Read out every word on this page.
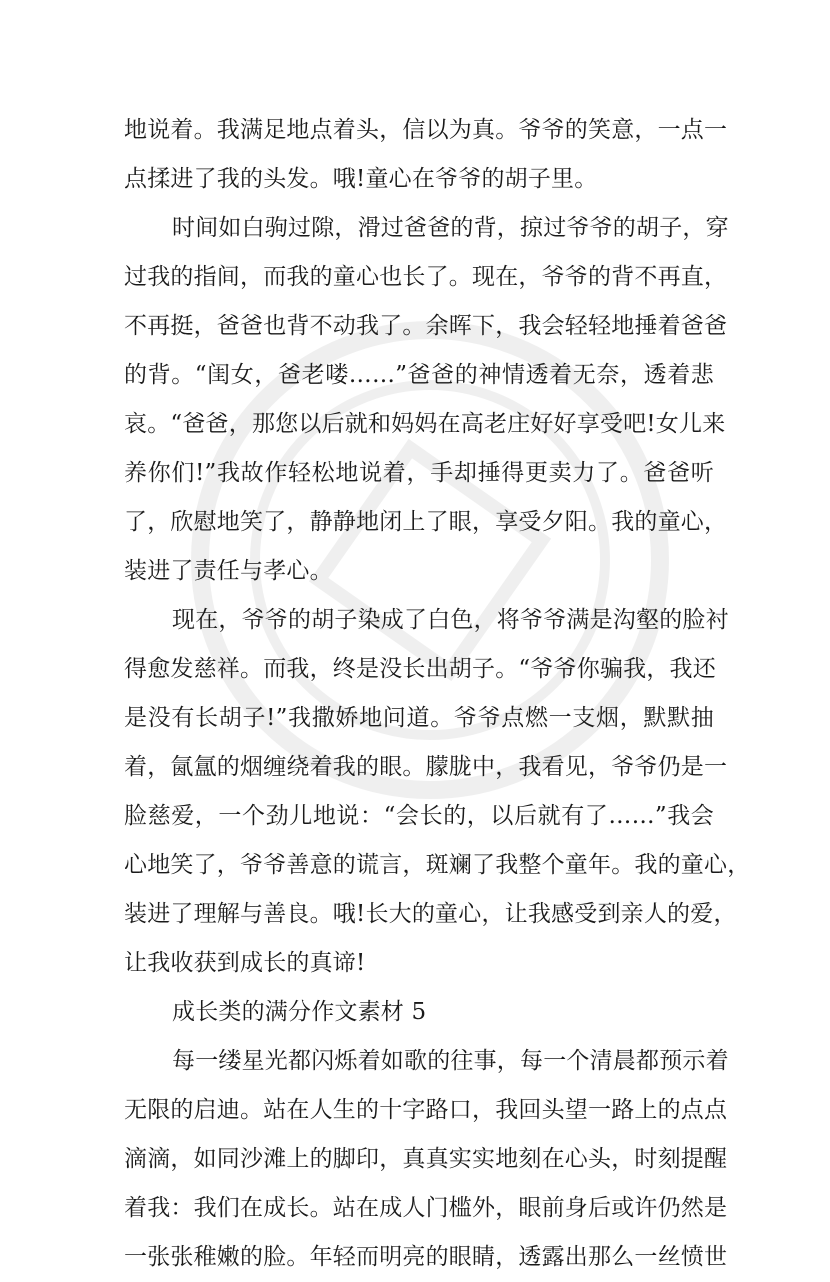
地说着。我满足地点着头，信以为真。爷爷的笑意，一点一
点揉进了我的头发。哦!童心在爷爷的胡子里。
时间如白驹过隙，滑过爸爸的背，掠过爷爷的胡子，穿
过我的指间，而我的童心也长了。现在，爷爷的背不再直，
不再挺，爸爸也背不动我了。余晖下，我会轻轻地捶着爸爸
的背。“闺女，爸老喽……”爸爸的神情透着无奈，透着悲
哀。“爸爸，那您以后就和妈妈在高老庄好好享受吧!女儿来
养你们!”我故作轻松地说着，手却捶得更卖力了。爸爸听
了，欣慰地笑了，静静地闭上了眼，享受夕阳。我的童心，
装进了责任与孝心。
现在，爷爷的胡子染成了白色，将爷爷满是沟壑的脸衬
得愈发慈祥。而我，终是没长出胡子。“爷爷你骗我，我还
是没有长胡子!”我撒娇地问道。爷爷点燃一支烟，默默抽
着，氤氲的烟缠绕着我的眼。朦胧中，我看见，爷爷仍是一
脸慈爱，一个劲儿地说：“会长的，以后就有了……”我会
心地笑了，爷爷善意的谎言，斑斓了我整个童年。我的童心，
装进了理解与善良。哦!长大的童心，让我感受到亲人的爱，
让我收获到成长的真谛!
成长类的满分作文素材 5
每一缕星光都闪烁着如歌的往事，每一个清晨都预示着
无限的启迪。站在人生的十字路口，我回头望一路上的点点
滴滴，如同沙滩上的脚印，真真实实地刻在心头，时刻提醒
着我：我们在成长。站在成人门槛外，眼前身后或许仍然是
一张张稚嫩的脸。年轻而明亮的眼睛，透露出那么一丝愤世
